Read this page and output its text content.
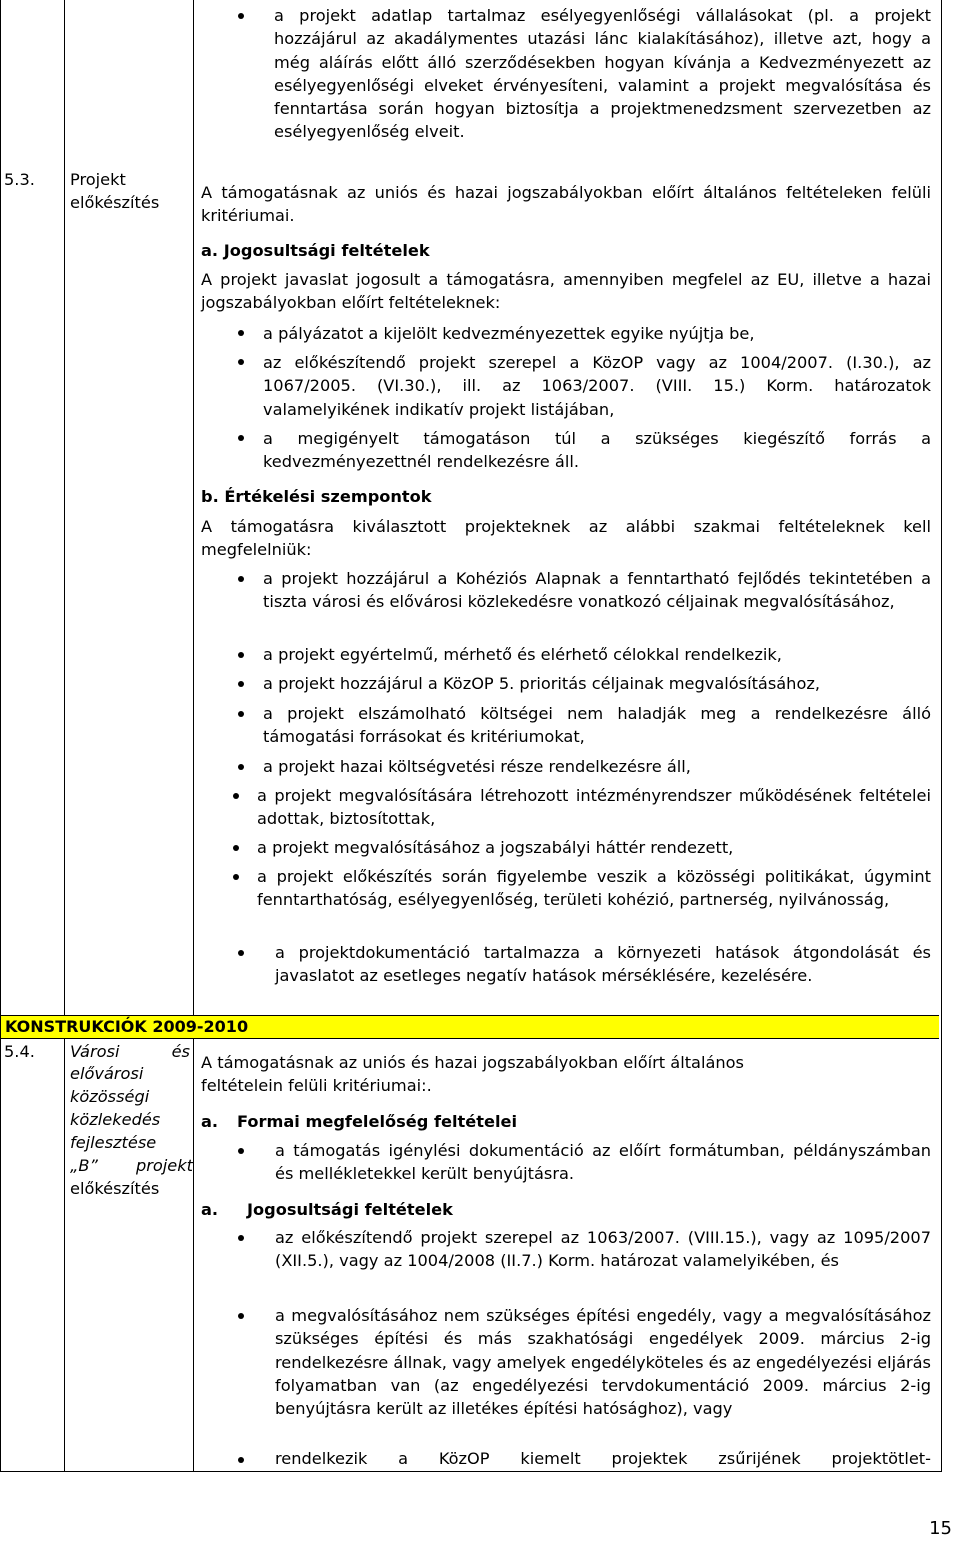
a projekt adatlap tartalmaz esélyegyenlőségi vállalásokat (pl. a projekt hozzájárul az akadálymentes utazási lánc kialakításához), illetve azt, hogy a még aláírás előtt álló szerződésekben hogyan kívánja a Kedvezményezett az esélyegyenlőségi elveket érvényesíteni, valamint a projekt megvalósítása és fenntartása során hogyan biztosítja a projektmenedzsment szervezetben az esélyegyenlőség elveit.
5.3. Projekt
előkészítés
A támogatásnak az uniós és hazai jogszabályokban előírt általános feltételeken felüli kritériumai.
a. Jogosultsági feltételek
A projekt javaslat jogosult a támogatásra, amennyiben megfelel az EU, illetve a hazai jogszabályokban előírt feltételeknek:
a pályázatot a kijelölt kedvezményezettek egyike nyújtja be,
az előkészítendő projekt szerepel a KözOP vagy az 1004/2007. (I.30.), az 1067/2005. (VI.30.), ill. az 1063/2007. (VIII. 15.) Korm. határozatok valamelyikének indikatív projekt listájában,
a megigényelt támogatáson túl a szükséges kiegészítő forrás a kedvezményezettnél rendelkezésre áll.
b. Értékelési szempontok
A támogatásra kiválasztott projekteknek az alábbi szakmai feltételeknek kell megfelelniük:
a projekt hozzájárul a Kohéziós Alapnak a fenntartható fejlődés tekintetében a tiszta városi és elővárosi közlekedésre vonatkozó céljainak megvalósításához,
a projekt egyértelmű, mérhető és elérhető célokkal rendelkezik,
a projekt hozzájárul a KözOP 5. prioritás céljainak megvalósításához,
a projekt elszámolható költségei nem haladják meg a rendelkezésre álló támogatási forrásokat és kritériumokat,
a projekt hazai költségvetési része rendelkezésre áll,
a projekt megvalósítására létrehozott intézményrendszer működésének feltételei adottak, biztosítottak,
a projekt megvalósításához a jogszabályi háttér rendezett,
a projekt előkészítés során figyelembe veszik a közösségi politikákat, úgymint fenntarthatóság, esélyegyenlőség, területi kohézió, partnerség, nyilvánosság,
a projektdokumentáció tartalmazza a környezeti hatások átgondolását és javaslatot az esetleges negatív hatások mérséklésére, kezelésére.
KONSTRUKCIÓK 2009-2010
5.4. Városi és
elővárosi
közösségi
közlekedés
fejlesztése
„B” projekt
előkészítés
A támogatásnak az uniós és hazai jogszabályokban előírt általános
feltételein felüli kritériumai:.
a. Formai megfelelőség feltételei
a támogatás igénylési dokumentáció az előírt formátumban, példányszámban és mellékletekkel került benyújtásra.
a. Jogosultsági feltételek
az előkészítendő projekt szerepel az 1063/2007. (VIII.15.), vagy az 1095/2007 (XII.5.), vagy az 1004/2008 (II.7.) Korm. határozat valamelyikében, és
a megvalósításához nem szükséges építési engedély, vagy a megvalósításához szükséges építési és más szakhatósági engedélyek 2009. március 2-ig rendelkezésre állnak, vagy amelyek engedélyköteles és az engedélyezési eljárás folyamatban van (az engedélyezési tervdokumentáció 2009. március 2-ig benyújtásra került az illetékes építési hatósághoz), vagy
rendelkezik a KözOP kiemelt projektek zsűrijének projektötlet-
15
